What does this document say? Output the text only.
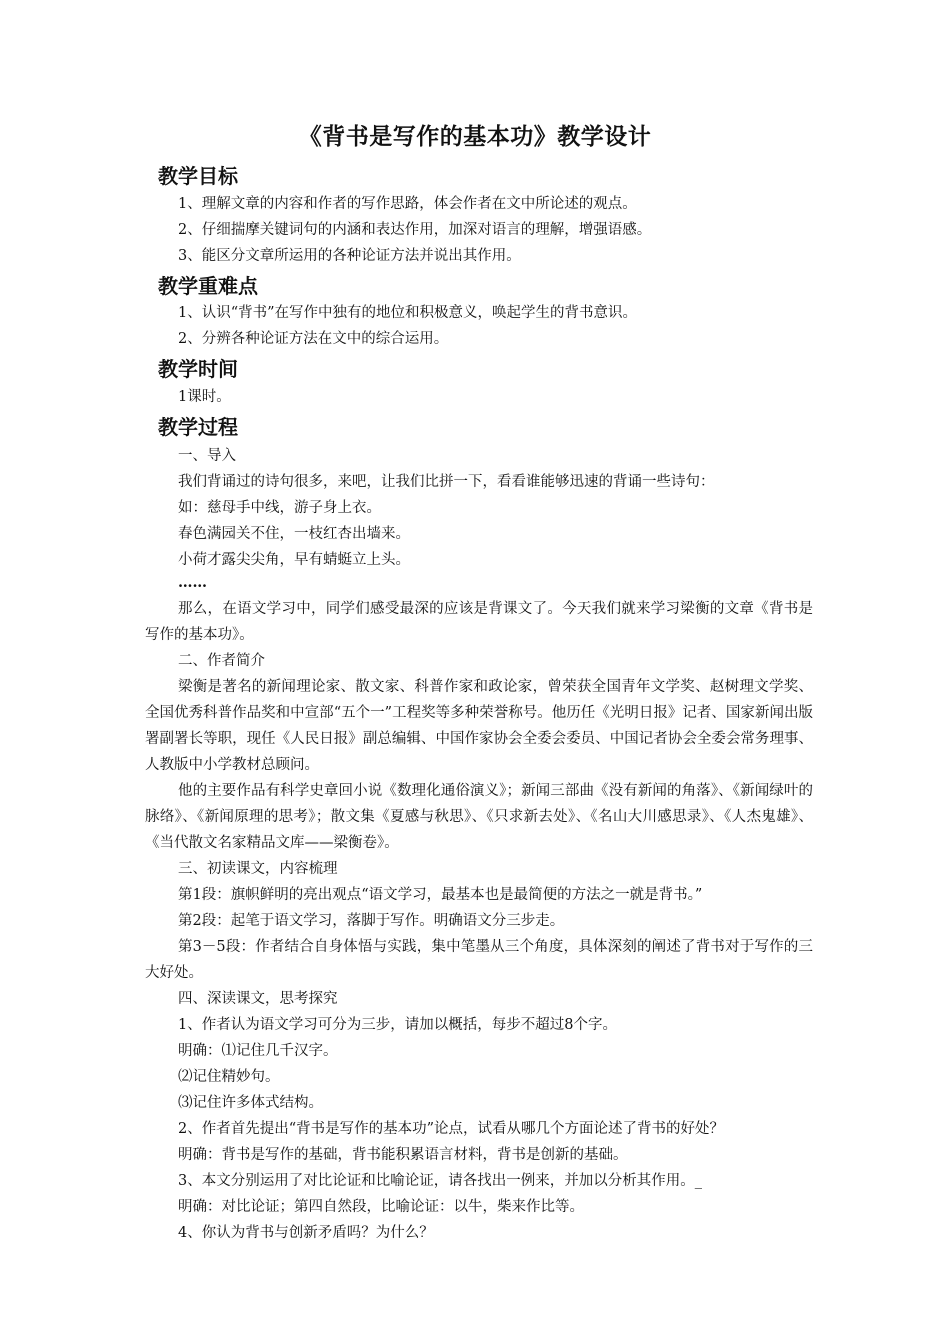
《背书是写作的基本功》教学设计
教学目标
1、理解文章的内容和作者的写作思路，体会作者在文中所论述的观点。
2、仔细揣摩关键词句的内涵和表达作用，加深对语言的理解，增强语感。
3、能区分文章所运用的各种论证方法并说出其作用。
教学重难点
1、认识“背书”在写作中独有的地位和积极意义，唤起学生的背书意识。
2、分辨各种论证方法在文中的综合运用。
教学时间
1课时。
教学过程
一、导入
我们背诵过的诗句很多，来吧，让我们比拼一下，看看谁能够迅速的背诵一些诗句：
如：慈母手中线，游子身上衣。
春色满园关不住，一枝红杏出墙来。
小荷才露尖尖角，早有蜻蜓立上头。
……
那么，在语文学习中，同学们感受最深的应该是背课文了。今天我们就来学习梁衡的文章《背书是写作的基本功》。
二、作者简介
梁衡是著名的新闻理论家、散文家、科普作家和政论家，曾荣获全国青年文学奖、赵树理文学奖、全国优秀科普作品奖和中宣部“五个一”工程奖等多种荣誉称号。他历任《光明日报》记者、国家新闻出版署副署长等职，现任《人民日报》副总编辑、中国作家协会全委会委员、中国记者协会全委会常务理事、人教版中小学教材总顾问。
他的主要作品有科学史章回小说《数理化通俗演义》；新闻三部曲《没有新闻的角落》、《新闻绿叶的脉络》、《新闻原理的思考》；散文集《夏感与秋思》、《只求新去处》、《名山大川感思录》、《人杰鬼雄》、《当代散文名家精品文库——梁衡卷》。
三、初读课文，内容梳理
第1段：旗帜鲜明的亮出观点“语文学习，最基本也是最简便的方法之一就是背书。”
第2段：起笔于语文学习，落脚于写作。明确语文分三步走。
第3－5段：作者结合自身体悟与实践，集中笔墨从三个角度，具体深刻的阐述了背书对于写作的三大好处。
四、深读课文，思考探究
1、作者认为语文学习可分为三步，请加以概括，每步不超过8个字。
明确：⑴记住几千汉字。
⑵记住精妙句。
⑶记住许多体式结构。
2、作者首先提出“背书是写作的基本功”论点，试看从哪几个方面论述了背书的好处？
明确：背书是写作的基础，背书能积累语言材料，背书是创新的基础。
3、本文分别运用了对比论证和比喻论证，请各找出一例来，并加以分析其作用。_
明确：对比论证；第四自然段，比喻论证：以牛，柴来作比等。
4、你认为背书与创新矛盾吗？为什么？
